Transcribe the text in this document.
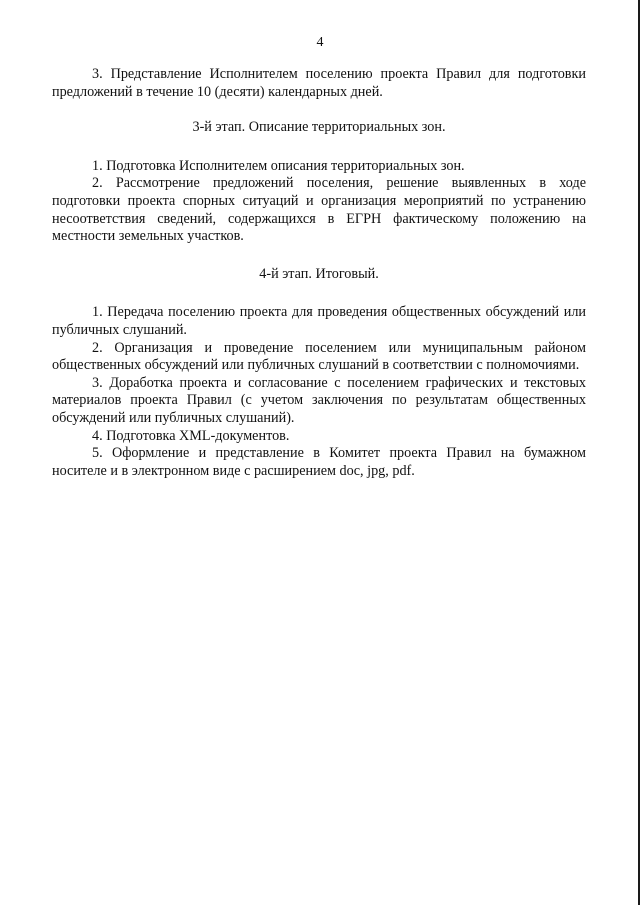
4

3. Представление Исполнителем поселению проекта Правил для подготовки предложений в течение 10 (десяти) календарных дней.

3-й этап. Описание территориальных зон.

1. Подготовка Исполнителем описания территориальных зон.

2. Рассмотрение предложений поселения, решение выявленных в ходе подготовки проекта спорных ситуаций и организация мероприятий по устранению несоответствия сведений, содержащихся в ЕГРН фактическому положению на местности земельных участков.

4-й этап. Итоговый.

1. Передача поселению проекта для проведения общественных обсуждений или публичных слушаний.

2. Организация и проведение поселением или муниципальным районом общественных обсуждений или публичных слушаний в соответствии с полномочиями.

3. Доработка проекта и согласование с поселением графических и текстовых материалов проекта Правил (с учетом заключения по результатам общественных обсуждений или публичных слушаний).

4. Подготовка XML-документов.

5. Оформление и представление в Комитет проекта Правил на бумажном носителе и в электронном виде с расширением doc, jpg, pdf.
